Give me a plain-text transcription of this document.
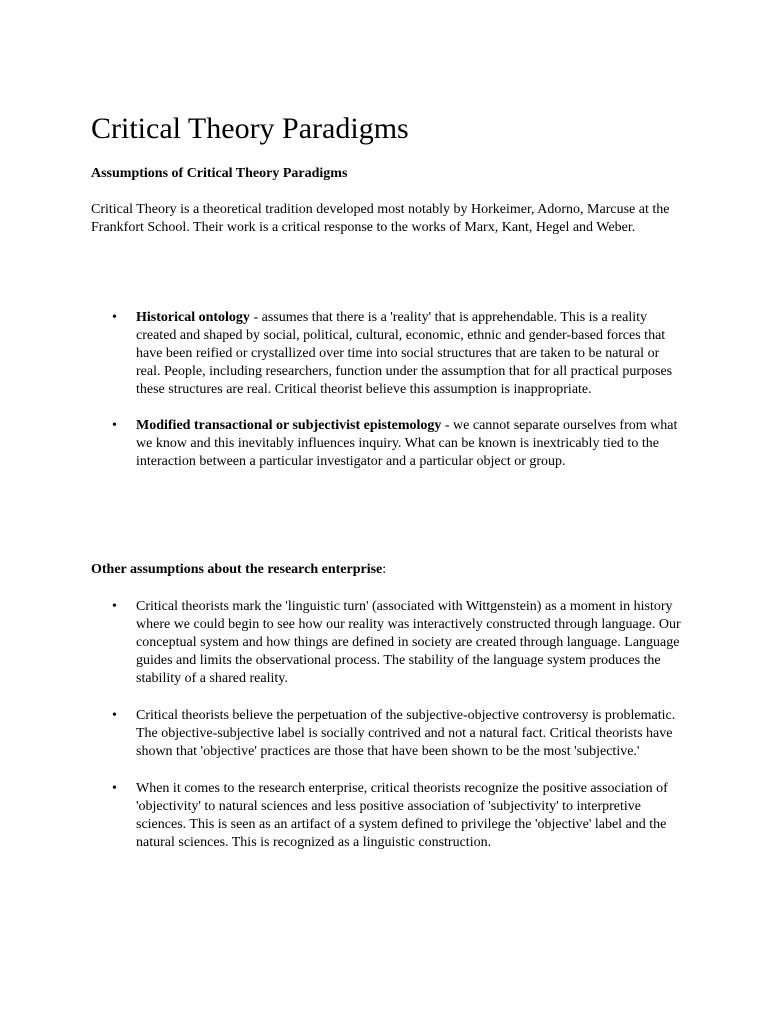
Critical Theory Paradigms

Assumptions of Critical Theory Paradigms

Critical Theory is a theoretical tradition developed most notably by Horkeimer, Adorno, Marcuse at the Frankfort School. Their work is a critical response to the works of Marx, Kant, Hegel and Weber.

•	Historical ontology - assumes that there is a 'reality' that is apprehendable. This is a reality created and shaped by social, political, cultural, economic, ethnic and gender-based forces that have been reified or crystallized over time into social structures that are taken to be natural or real. People, including researchers, function under the assumption that for all practical purposes these structures are real. Critical theorist believe this assumption is inappropriate.
•	Modified transactional or subjectivist epistemology - we cannot separate ourselves from what we know and this inevitably influences inquiry. What can be known is inextricably tied to the interaction between a particular investigator and a particular object or group.

Other assumptions about the research enterprise:

•	Critical theorists mark the 'linguistic turn' (associated with Wittgenstein) as a moment in history where we could begin to see how our reality was interactively constructed through language. Our conceptual system and how things are defined in society are created through language. Language guides and limits the observational process. The stability of the language system produces the stability of a shared reality.
•	Critical theorists believe the perpetuation of the subjective-objective controversy is problematic. The objective-subjective label is socially contrived and not a natural fact. Critical theorists have shown that 'objective' practices are those that have been shown to be the most 'subjective.'
•	When it comes to the research enterprise, critical theorists recognize the positive association of 'objectivity' to natural sciences and less positive association of 'subjectivity' to interpretive sciences. This is seen as an artifact of a system defined to privilege the 'objective' label and the natural sciences. This is recognized as a linguistic construction.
